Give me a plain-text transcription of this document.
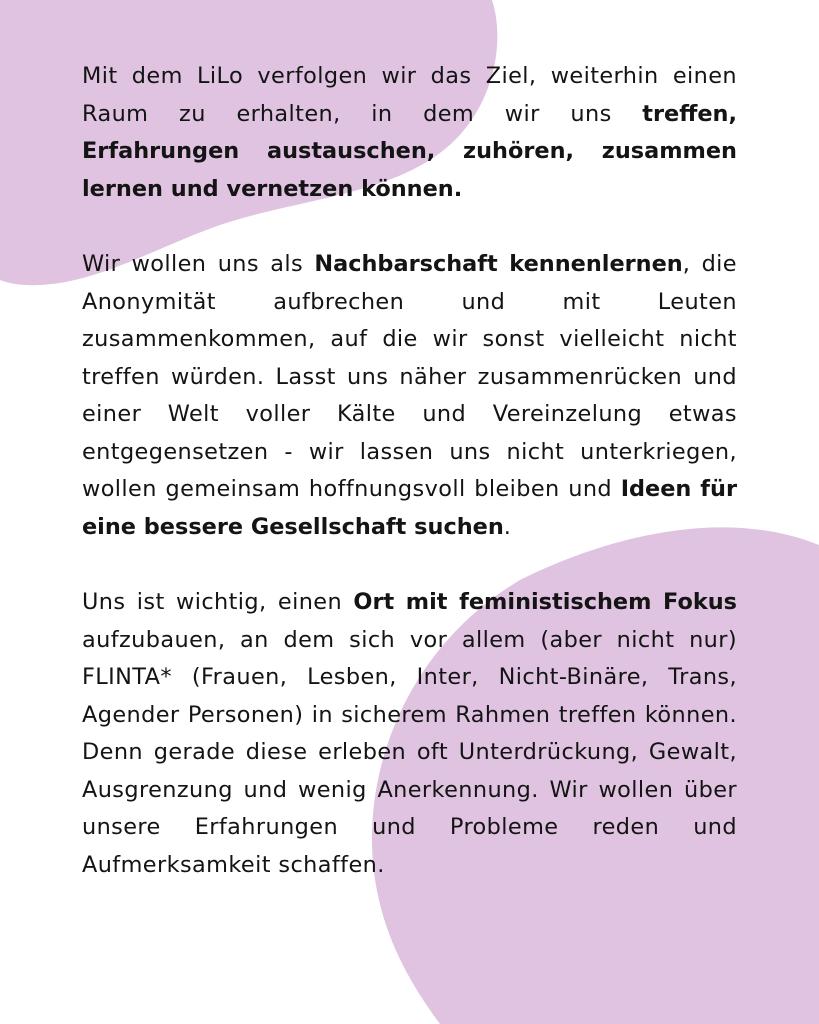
Mit dem LiLo verfolgen wir das Ziel, weiterhin einen Raum zu erhalten, in dem wir uns treffen, Erfahrungen austauschen, zuhören, zusammen lernen und vernetzen können.

Wir wollen uns als Nachbarschaft kennenlernen, die Anonymität aufbrechen und mit Leuten zusammenkommen, auf die wir sonst vielleicht nicht treffen würden. Lasst uns näher zusammenrücken und einer Welt voller Kälte und Vereinzelung etwas entgegensetzen - wir lassen uns nicht unterkriegen, wollen gemeinsam hoffnungsvoll bleiben und Ideen für eine bessere Gesellschaft suchen.

Uns ist wichtig, einen Ort mit feministischem Fokus aufzubauen, an dem sich vor allem (aber nicht nur) FLINTA* (Frauen, Lesben, Inter, Nicht-Binäre, Trans, Agender Personen) in sicherem Rahmen treffen können. Denn gerade diese erleben oft Unterdrückung, Gewalt, Ausgrenzung und wenig Anerkennung. Wir wollen über unsere Erfahrungen und Probleme reden und Aufmerksamkeit schaffen.
